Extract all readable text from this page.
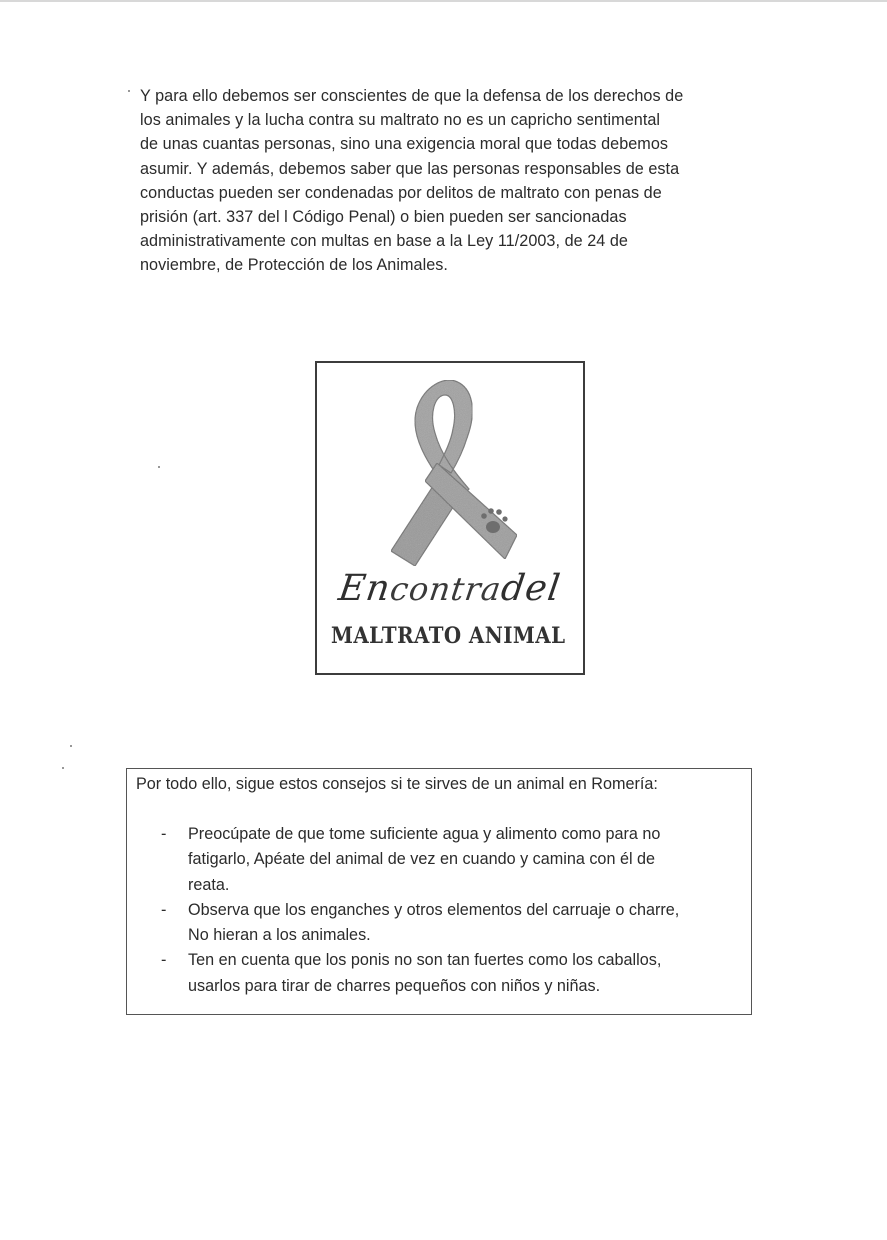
Y para ello debemos ser conscientes de que la defensa de los derechos de
los animales y la lucha contra su maltrato no es un capricho sentimental
de unas cuantas personas, sino una exigencia moral que todas debemos
asumir. Y además, debemos saber que las personas responsables de esta
conductas pueden ser condenadas por delitos de maltrato con penas de
prisión (art. 337 del l Código Penal) o bien pueden ser sancionadas
administrativamente con multas en base a la Ley 11/2003, de 24 de
noviembre, de Protección de los Animales.
Encontradel
MALTRATO ANIMAL
Por todo ello, sigue estos consejos si te sirves de un animal en Romería:
- Preocúpate de que tome suficiente agua y alimento como para no
fatigarlo, Apéate del animal de vez en cuando y camina con él de
reata.
- Observa que los enganches y otros elementos del carruaje o charre,
No hieran a los animales.
- Ten en cuenta que los ponis no son tan fuertes como los caballos,
usarlos para tirar de charres pequeños con niños y niñas.
